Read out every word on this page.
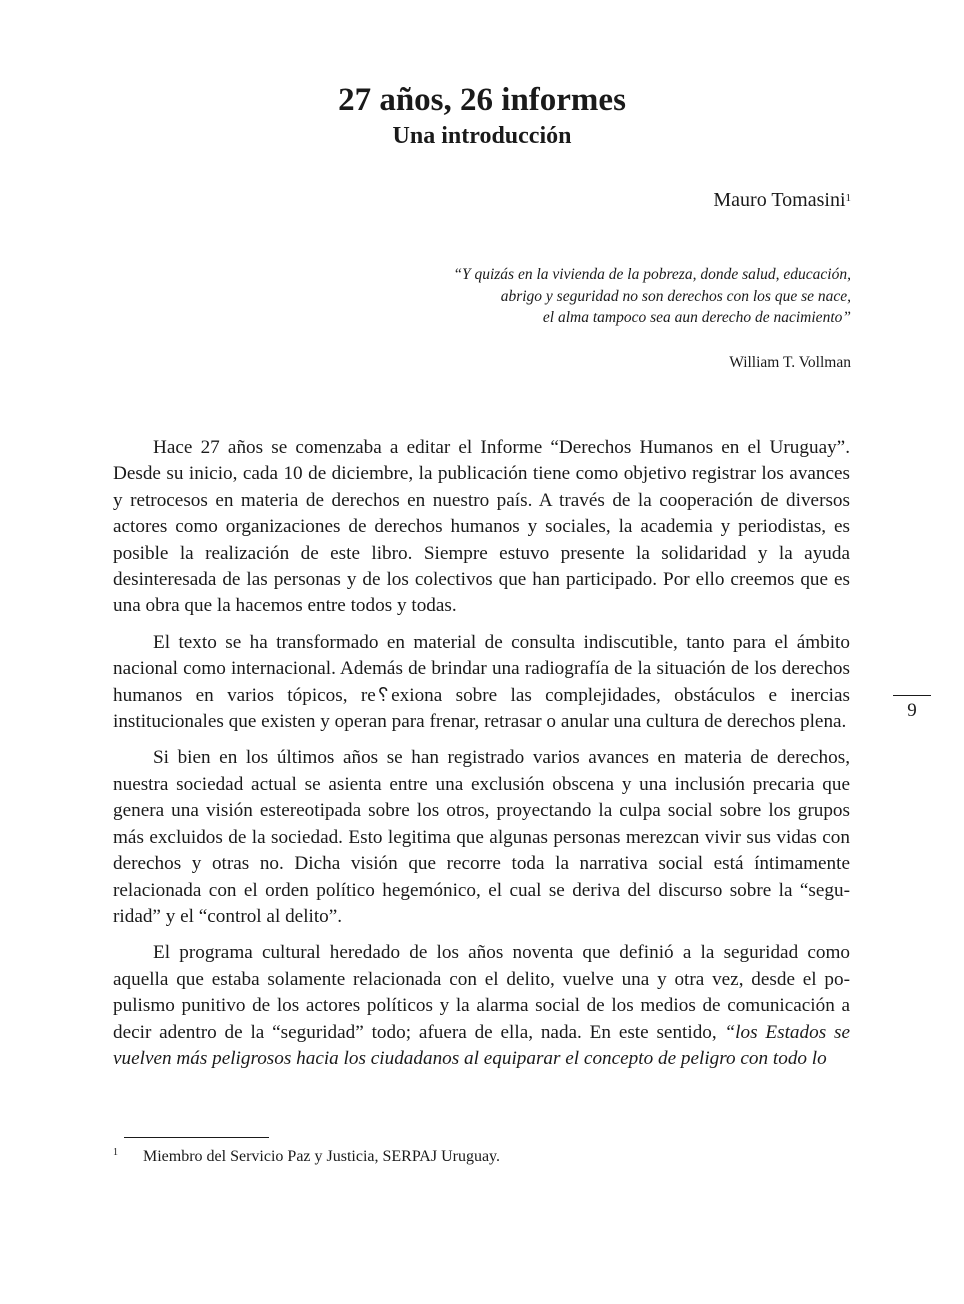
27 años, 26 informes
Una introducción
Mauro Tomasini$^1$
“Y quizás en la vivienda de la pobreza, donde salud, educación,
abrigo y seguridad no son derechos con los que se nace,
el alma tampoco sea aun derecho de nacimiento”
William T. Vollman

Hace 27 años se comenzaba a editar el Informe “Derechos Humanos en el Uruguay”. Desde su inicio, cada 10 de diciembre, la publicación tiene como objetivo registrar los avances y retrocesos en materia de derechos en nuestro país. A través de la cooperación de diversos actores como organizaciones de derechos humanos y sociales, la academia y periodistas, es posible la realización de este libro. Siempre estuvo presente la solidaridad y la ayuda desinteresada de las personas y de los colectivos que han participado. Por ello creemos que es una obra que la hacemos entre todos y todas.

El texto se ha transformado en material de consulta indiscutible, tanto para el ámbito nacional como internacional. Además de brindar una radiografía de la situación de los derechos humanos en varios tópicos, re␦exiona sobre las complejidades, obstáculos e inercias institucionales que existen y operan para frenar, retrasar o anular una cultura de derechos plena.

Si bien en los últimos años se han registrado varios avances en materia de derechos, nuestra sociedad actual se asienta entre una exclusión obscena y una inclusión precaria que genera una visión estereotipada sobre los otros, proyectando la culpa social sobre los grupos más excluidos de la sociedad. Esto legitima que algunas personas merezcan vivir sus vidas con derechos y otras no. Dicha visión que recorre toda la narrativa social está íntimamente relacionada con el orden político hegemónico, el cual se deriva del discurso sobre la “seguridad” y el “control al delito”.

El programa cultural heredado de los años noventa que definió a la seguridad como aquella que estaba solamente relacionada con el delito, vuelve una y otra vez, desde el populismo punitivo de los actores políticos y la alarma social de los medios de comunicación a decir adentro de la “seguridad” todo; afuera de ella, nada. En este sentido, “los Estados se vuelven más peligrosos hacia los ciudadanos al equiparar el concepto de peligro con todo lo

9
1	Miembro del Servicio Paz y Justicia, SERPAJ Uruguay.
